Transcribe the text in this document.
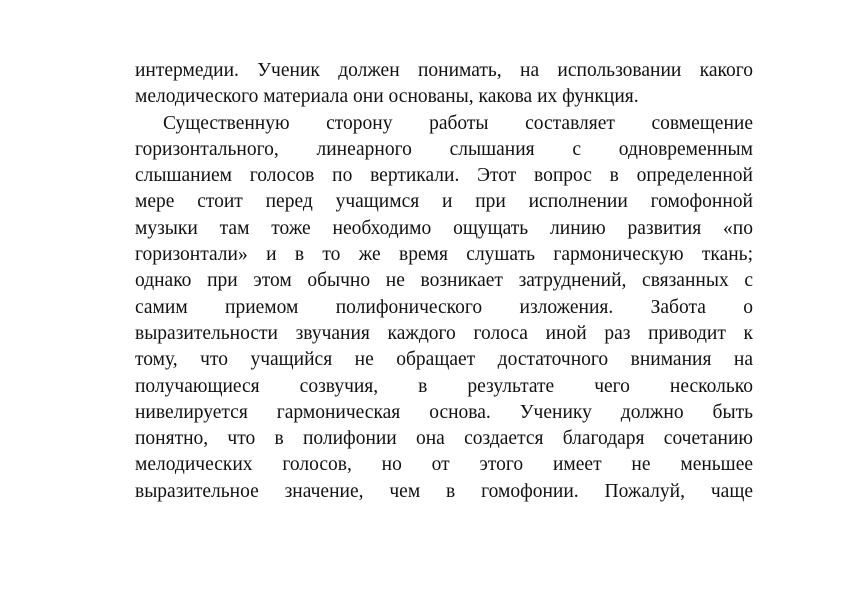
интермедии. Ученик должен понимать, на использовании какого
мелодического материала они основаны, какова их функция.
Существенную сторону работы составляет совмещение
горизонтального, линеарного слышания с одновременным
слышанием голосов по вертикали. Этот вопрос в определенной
мере стоит перед учащимся и при исполнении гомофонной
музыки там тоже необходимо ощущать линию развития «по
горизонтали» и в то же время слушать гармоническую ткань;
однако при этом обычно не возникает затруднений, связанных с
самим приемом полифонического изложения. Забота о
выразительности звучания каждого голоса иной раз приводит к
тому, что учащийся не обращает достаточного внимания на
получающиеся созвучия, в результате чего несколько
нивелируется гармоническая основа. Ученику должно быть
понятно, что в полифонии она создается благодаря сочетанию
мелодических голосов, но от этого имеет не меньшее
выразительное значение, чем в гомофонии. Пожалуй, чаще
